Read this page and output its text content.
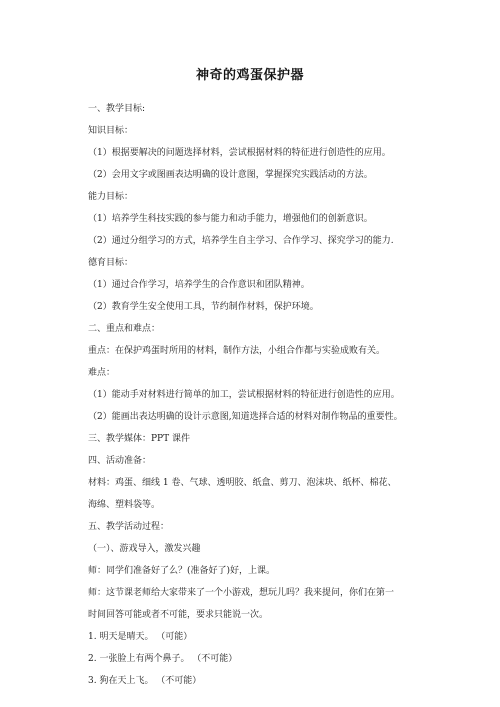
神奇的鸡蛋保护器
一、教学目标:
知识目标：
（1）根据要解决的问题选择材料，尝试根据材料的特征进行创造性的应用。
（2）会用文字或图画表达明确的设计意图，掌握探究实践活动的方法。
能力目标：
（1）培养学生科技实践的参与能力和动手能力，增强他们的创新意识。
（2）通过分组学习的方式，培养学生自主学习、合作学习、探究学习的能力.
德育目标：
（1）通过合作学习，培养学生的合作意识和团队精神。
（2）教育学生安全使用工具，节约制作材料，保护环境。
二、重点和难点：
重点：在保护鸡蛋时所用的材料，制作方法，小组合作都与实验成败有关。
难点：
（1）能动手对材料进行简单的加工，尝试根据材料的特征进行创造性的应用。
（2）能画出表达明确的设计示意图,知道选择合适的材料对制作物品的重要性。
三、教学媒体：PPT 课件
四、活动准备：
材料：鸡蛋、细线 1 卷、气球、透明胶、纸盒、剪刀、泡沫块、纸杯、棉花、
海绵、塑料袋等。
五、教学活动过程：
（一）、游戏导入，激发兴趣
师：同学们准备好了么？(准备好了)好，上课。
师：这节课老师给大家带来了一个小游戏，想玩儿吗？我来提问，你们在第一
时间回答可能或者不可能，要求只能说一次。
1. 明天是晴天。 （可能）
2. 一张脸上有两个鼻子。 （不可能）
3. 狗在天上飞。 （不可能）
